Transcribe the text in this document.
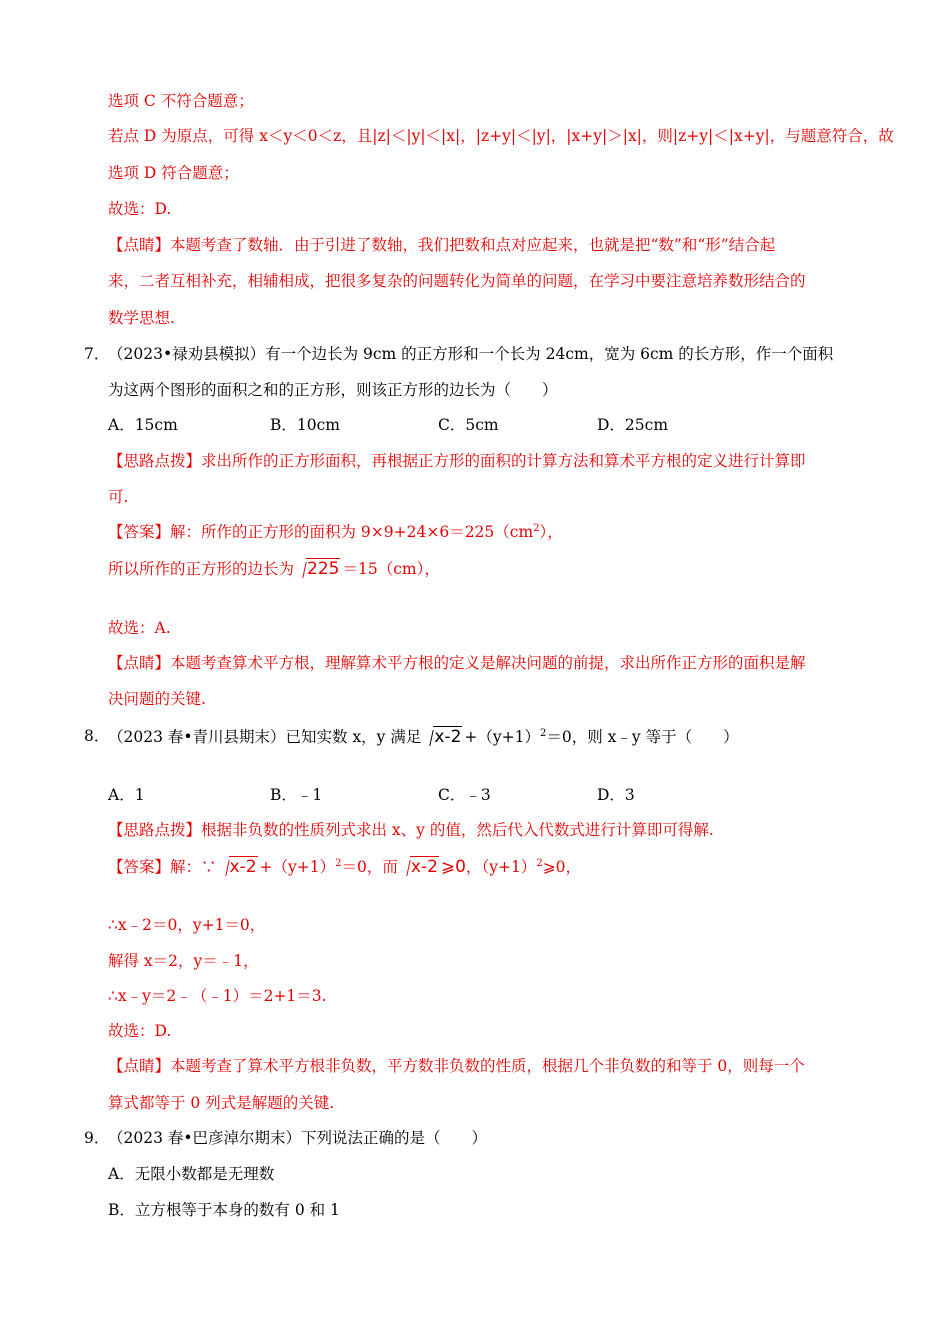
选项 C 不符合题意；
若点 D 为原点，可得 x＜y＜0＜z，且|z|＜|y|＜|x|，|z+y|＜|y|，|x+y|＞|x|，则|z+y|＜|x+y|，与题意符合，故
选项 D 符合题意；
故选：D.
【点睛】本题考查了数轴．由于引进了数轴，我们把数和点对应起来，也就是把“数”和“形”结合起
来，二者互相补充，相辅相成，把很多复杂的问题转化为简单的问题，在学习中要注意培养数形结合的
数学思想.
7．
（2023•禄劝县模拟）有一个边长为 9cm 的正方形和一个长为 24cm，宽为 6cm 的长方形，作一个面积
为这两个图形的面积之和的正方形，则该正方形的边长为（　　）
A．15cm	B．10cm	C．5cm	D．25cm
【思路点拨】求出所作的正方形面积，再根据正方形的面积的计算方法和算术平方根的定义进行计算即
可.
【答案】解：所作的正方形的面积为 $9\times 9+24\times 6=225(cm^2)$，
所以所作的正方形的边长为 225 ＝15（cm），
故选：A.
【点睛】本题考查算术平方根，理解算术平方根的定义是解决问题的前提，求出所作正方形的面积是解
决问题的关键.
8．
（2023 春•青川县期末）已知实数 x，y 满足 $x-2 +(y+1)^2=0$，则 x﹣y 等于（　　）
A．1	B．﹣1	C．﹣3	D．3
【思路点拨】根据非负数的性质列式求出 x、y 的值，然后代入代数式进行计算即可得解.
【答案】解：∵ $x-2 +(y+1)^2=0$，而 x-2 ⩾0，$(y+1)^2⩾0$，
∴x﹣2＝0，y+1＝0，
解得 x＝2，y＝﹣1，
∴x﹣y＝2﹣（﹣1）＝2+1＝3.
故选：D.
【点睛】本题考查了算术平方根非负数，平方数非负数的性质，根据几个非负数的和等于 0，则每一个
算式都等于 0 列式是解题的关键.
9．
（2023 春•巴彦淖尔期末）下列说法正确的是（　　）
A．无限小数都是无理数
B．立方根等于本身的数有 0 和 1
